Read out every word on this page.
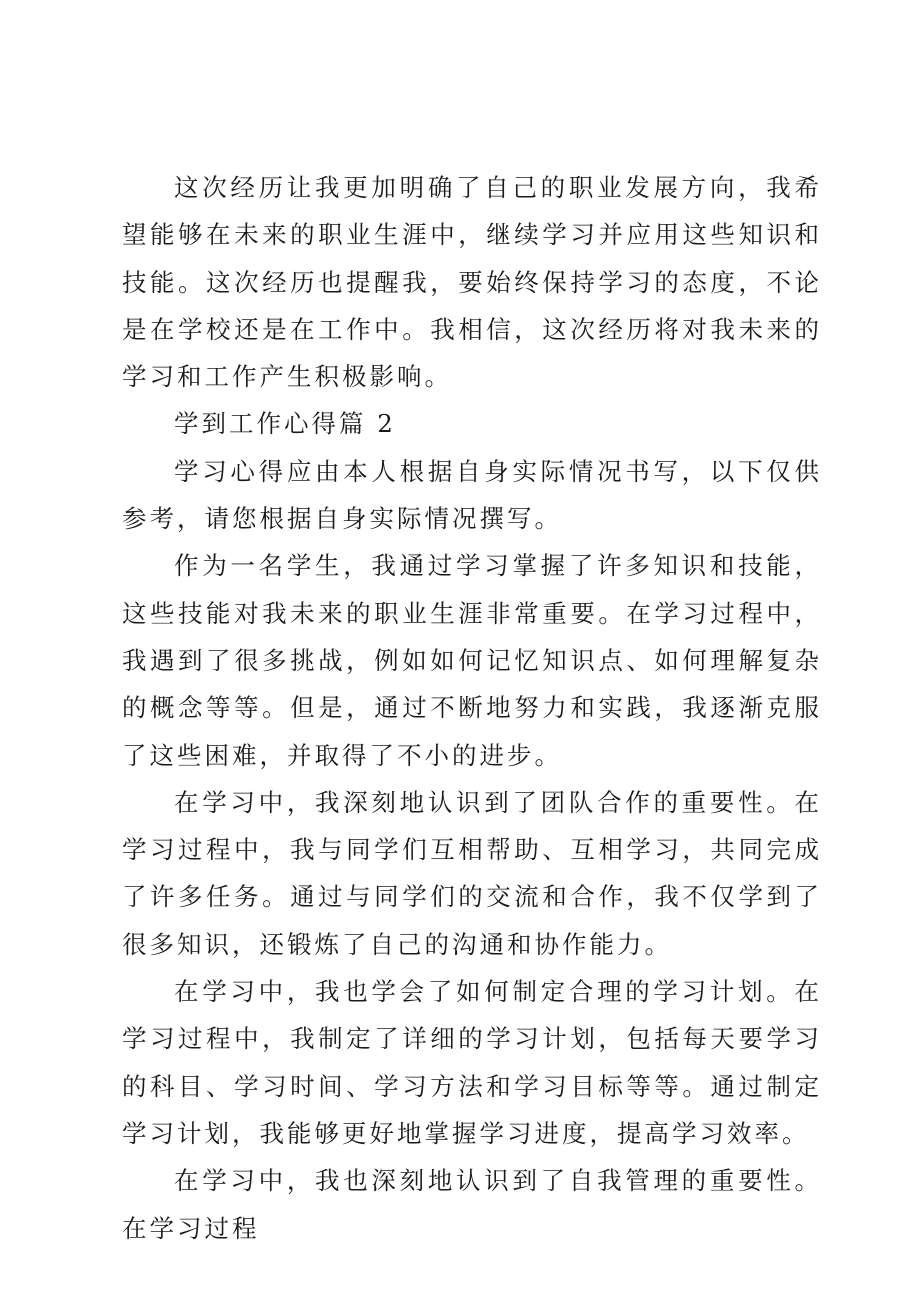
这次经历让我更加明确了自己的职业发展方向，我希望能够在未来的职业生涯中，继续学习并应用这些知识和技能。这次经历也提醒我，要始终保持学习的态度，不论是在学校还是在工作中。我相信，这次经历将对我未来的学习和工作产生积极影响。

学到工作心得篇 2

学习心得应由本人根据自身实际情况书写，以下仅供参考，请您根据自身实际情况撰写。

作为一名学生，我通过学习掌握了许多知识和技能，这些技能对我未来的职业生涯非常重要。在学习过程中，我遇到了很多挑战，例如如何记忆知识点、如何理解复杂的概念等等。但是，通过不断地努力和实践，我逐渐克服了这些困难，并取得了不小的进步。

在学习中，我深刻地认识到了团队合作的重要性。在学习过程中，我与同学们互相帮助、互相学习，共同完成了许多任务。通过与同学们的交流和合作，我不仅学到了很多知识，还锻炼了自己的沟通和协作能力。

在学习中，我也学会了如何制定合理的学习计划。在学习过程中，我制定了详细的学习计划，包括每天要学习的科目、学习时间、学习方法和学习目标等等。通过制定学习计划，我能够更好地掌握学习进度，提高学习效率。

在学习中，我也深刻地认识到了自我管理的重要性。在学习过程
